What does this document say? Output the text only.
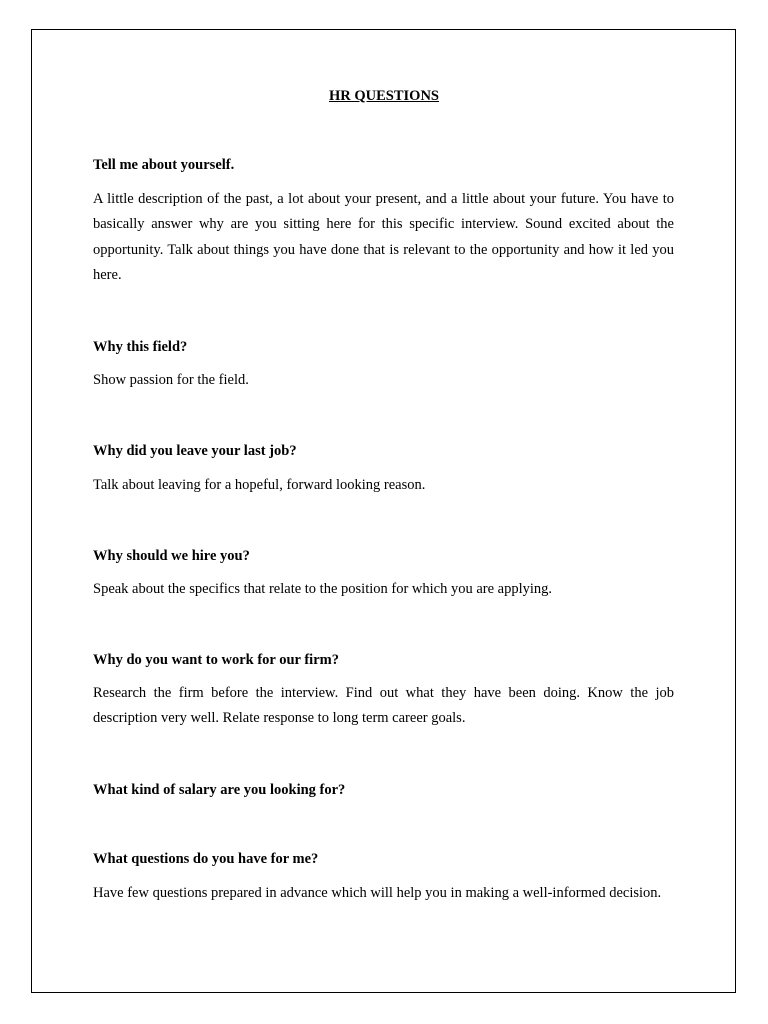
HR QUESTIONS

Tell me about yourself.

A little description of the past, a lot about your present, and a little about your future. You have to basically answer why are you sitting here for this specific interview. Sound excited about the opportunity. Talk about things you have done that is relevant to the opportunity and how it led you here.

Why this field?

Show passion for the field.

Why did you leave your last job?

Talk about leaving for a hopeful, forward looking reason.

Why should we hire you?

Speak about the specifics that relate to the position for which you are applying.

Why do you want to work for our firm?

Research the firm before the interview. Find out what they have been doing. Know the job description very well. Relate response to long term career goals.

What kind of salary are you looking for?

What questions do you have for me?

Have few questions prepared in advance which will help you in making a well-informed decision.
